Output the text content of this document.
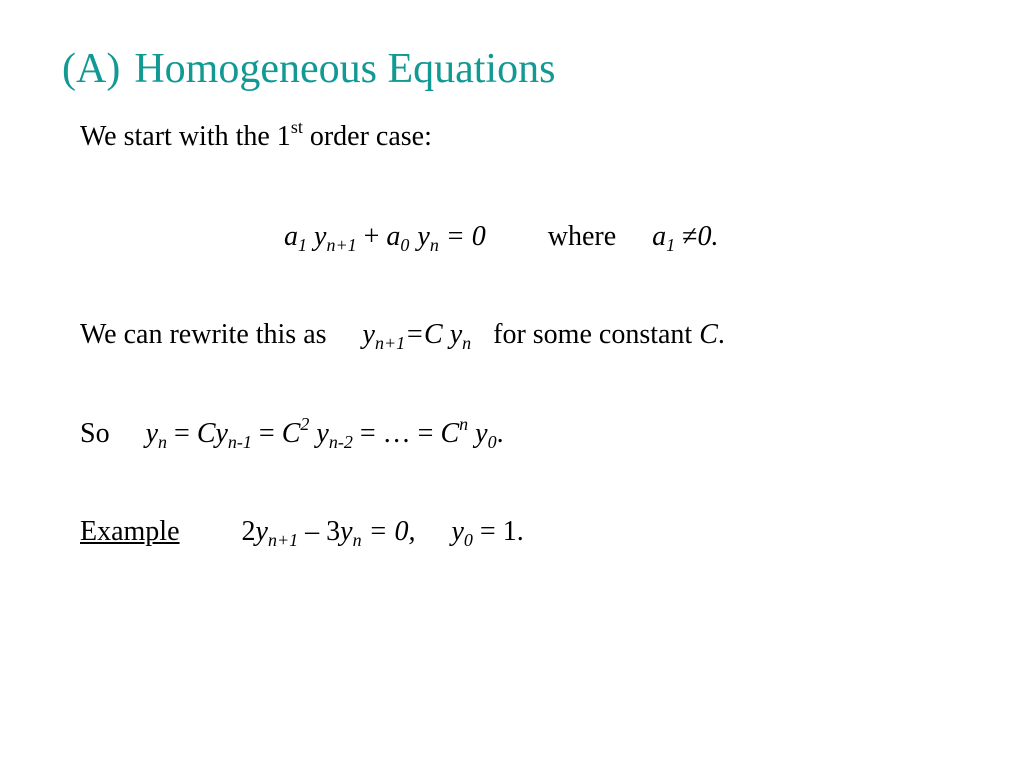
(A) Homogeneous Equations
We start with the 1st order case:
$a_1$ $y_{n+1} + a_0$ $y_n = 0$ where $a_1 \ne 0$.
We can rewrite this as $y_{n+1}=C$ $y_n$ for some constant C.
So $y_n = Cy_{n-1} = C^2$ $y_{n-2}$ = … = $C^n$ $y_0$.
Example $2y_{n+1} - 3y_n = 0$, $y_0 = 1$.
